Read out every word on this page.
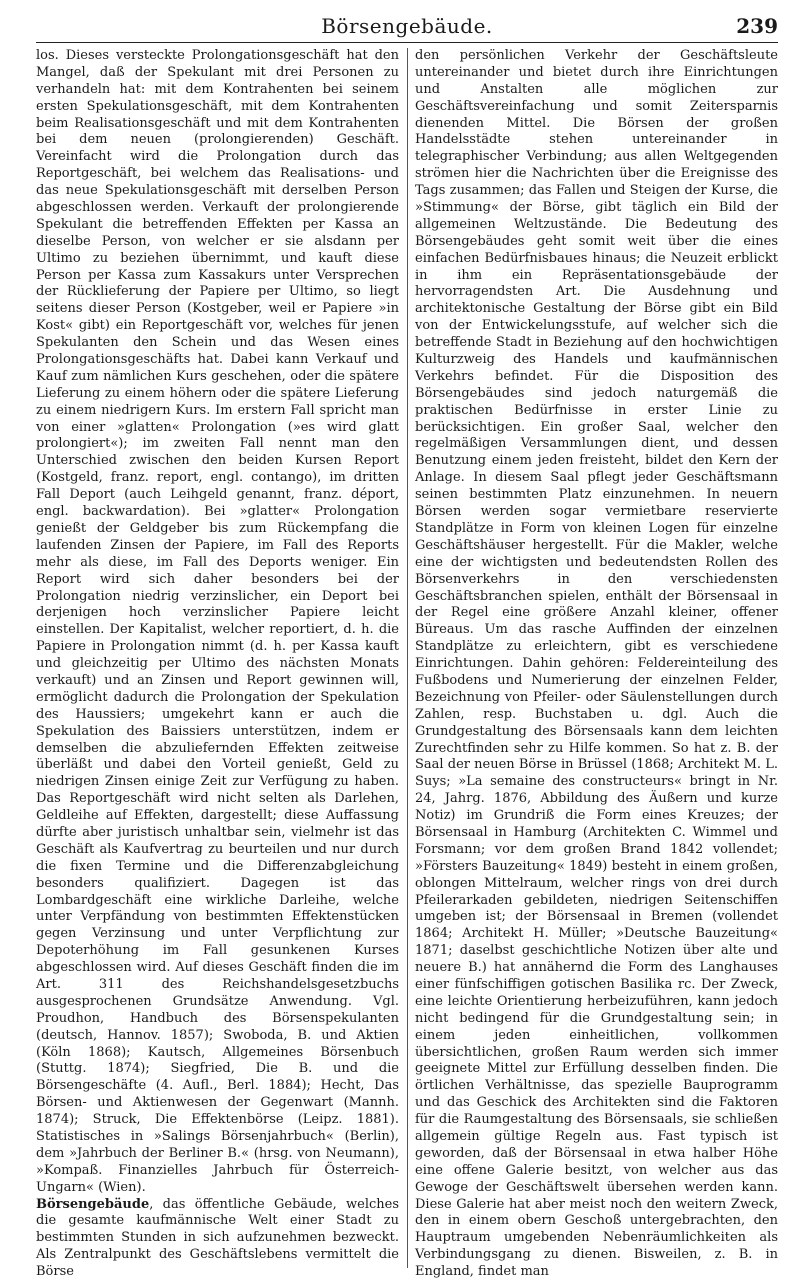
Börsengebäude.	239

los. Dieses versteckte Prolongationsgeschäft hat den Mangel, daß der Spekulant mit drei Personen zu verhandeln hat: mit dem Kontrahenten bei seinem ersten Spekulationsgeschäft, mit dem Kontrahenten beim Realisationsgeschäft und mit dem Kontrahenten bei dem neuen (prolongierenden) Geschäft. Vereinfacht wird die Prolongation durch das Reportgeschäft, bei welchem das Realisations- und das neue Spekulationsgeschäft mit derselben Person abgeschlossen werden. Verkauft der prolongierende Spekulant die betreffenden Effekten per Kassa an dieselbe Person, von welcher er sie alsdann per Ultimo zu beziehen übernimmt, und kauft diese Person per Kassa zum Kassakurs unter Versprechen der Rücklieferung der Papiere per Ultimo, so liegt seitens dieser Person (Kostgeber, weil er Papiere »in Kost« gibt) ein Reportgeschäft vor, welches für jenen Spekulanten den Schein und das Wesen eines Prolongationsgeschäfts hat. Dabei kann Verkauf und Kauf zum nämlichen Kurs geschehen, oder die spätere Lieferung zu einem höhern oder die spätere Lieferung zu einem niedrigern Kurs. Im erstern Fall spricht man von einer »glatten« Prolongation (»es wird glatt prolongiert«); im zweiten Fall nennt man den Unterschied zwischen den beiden Kursen Report (Kostgeld, franz. report, engl. contango), im dritten Fall Deport (auch Leihgeld genannt, franz. déport, engl. backwardation). Bei »glatter« Prolongation genießt der Geldgeber bis zum Rückempfang die laufenden Zinsen der Papiere, im Fall des Reports mehr als diese, im Fall des Deports weniger. Ein Report wird sich daher besonders bei der Prolongation niedrig verzinslicher, ein Deport bei derjenigen hoch verzinslicher Papiere leicht einstellen. Der Kapitalist, welcher reportiert, d. h. die Papiere in Prolongation nimmt (d. h. per Kassa kauft und gleichzeitig per Ultimo des nächsten Monats verkauft) und an Zinsen und Report gewinnen will, ermöglicht dadurch die Prolongation der Spekulation des Haussiers; umgekehrt kann er auch die Spekulation des Baissiers unterstützen, indem er demselben die abzuliefernden Effekten zeitweise überläßt und dabei den Vorteil genießt, Geld zu niedrigen Zinsen einige Zeit zur Verfügung zu haben. Das Reportgeschäft wird nicht selten als Darlehen, Geldleihe auf Effekten, dargestellt; diese Auffassung dürfte aber juristisch unhaltbar sein, vielmehr ist das Geschäft als Kaufvertrag zu beurteilen und nur durch die fixen Termine und die Differenzabgleichung besonders qualifiziert. Dagegen ist das Lombardgeschäft eine wirkliche Darleihe, welche unter Verpfändung von bestimmten Effektenstücken gegen Verzinsung und unter Verpflichtung zur Depoterhöhung im Fall gesunkenen Kurses abgeschlossen wird. Auf dieses Geschäft finden die im Art. 311 des Reichshandelsgesetzbuchs ausgesprochenen Grundsätze Anwendung. Vgl. Proudhon, Handbuch des Börsenspekulanten (deutsch, Hannov. 1857); Swoboda, B. und Aktien (Köln 1868); Kautsch, Allgemeines Börsenbuch (Stuttg. 1874); Siegfried, Die B. und die Börsengeschäfte (4. Aufl., Berl. 1884); Hecht, Das Börsen- und Aktienwesen der Gegenwart (Mannh. 1874); Struck, Die Effektenbörse (Leipz. 1881). Statistisches in »Salings Börsenjahrbuch« (Berlin), dem »Jahrbuch der Berliner B.« (hrsg. von Neumann), »Kompaß. Finanzielles Jahrbuch für Österreich-Ungarn« (Wien).

Börsengebäude, das öffentliche Gebäude, welches die gesamte kaufmännische Welt einer Stadt zu bestimmten Stunden in sich aufzunehmen bezweckt. Als Zentralpunkt des Geschäftslebens vermittelt die Börse

den persönlichen Verkehr der Geschäftsleute untereinander und bietet durch ihre Einrichtungen und Anstalten alle möglichen zur Geschäftsvereinfachung und somit Zeitersparnis dienenden Mittel. Die Börsen der großen Handelsstädte stehen untereinander in telegraphischer Verbindung; aus allen Weltgegenden strömen hier die Nachrichten über die Ereignisse des Tags zusammen; das Fallen und Steigen der Kurse, die »Stimmung« der Börse, gibt täglich ein Bild der allgemeinen Weltzustände. Die Bedeutung des Börsengebäudes geht somit weit über die eines einfachen Bedürfnisbaues hinaus; die Neuzeit erblickt in ihm ein Repräsentationsgebäude der hervorragendsten Art. Die Ausdehnung und architektonische Gestaltung der Börse gibt ein Bild von der Entwickelungsstufe, auf welcher sich die betreffende Stadt in Beziehung auf den hochwichtigen Kulturzweig des Handels und kaufmännischen Verkehrs befindet. Für die Disposition des Börsengebäudes sind jedoch naturgemäß die praktischen Bedürfnisse in erster Linie zu berücksichtigen. Ein großer Saal, welcher den regelmäßigen Versammlungen dient, und dessen Benutzung einem jeden freisteht, bildet den Kern der Anlage. In diesem Saal pflegt jeder Geschäftsmann seinen bestimmten Platz einzunehmen. In neuern Börsen werden sogar vermietbare reservierte Standplätze in Form von kleinen Logen für einzelne Geschäftshäuser hergestellt. Für die Makler, welche eine der wichtigsten und bedeutendsten Rollen des Börsenverkehrs in den verschiedensten Geschäftsbranchen spielen, enthält der Börsensaal in der Regel eine größere Anzahl kleiner, offener Büreaus. Um das rasche Auffinden der einzelnen Standplätze zu erleichtern, gibt es verschiedene Einrichtungen. Dahin gehören: Feldereinteilung des Fußbodens und Numerierung der einzelnen Felder, Bezeichnung von Pfeiler- oder Säulenstellungen durch Zahlen, resp. Buchstaben u. dgl. Auch die Grundgestaltung des Börsensaals kann dem leichten Zurechtfinden sehr zu Hilfe kommen. So hat z. B. der Saal der neuen Börse in Brüssel (1868; Architekt M. L. Suys; »La semaine des constructeurs« bringt in Nr. 24, Jahrg. 1876, Abbildung des Äußern und kurze Notiz) im Grundriß die Form eines Kreuzes; der Börsensaal in Hamburg (Architekten C. Wimmel und Forsmann; vor dem großen Brand 1842 vollendet; »Försters Bauzeitung« 1849) besteht in einem großen, oblongen Mittelraum, welcher rings von drei durch Pfeilerarkaden gebildeten, niedrigen Seitenschiffen umgeben ist; der Börsensaal in Bremen (vollendet 1864; Architekt H. Müller; »Deutsche Bauzeitung« 1871; daselbst geschichtliche Notizen über alte und neuere B.) hat annähernd die Form des Langhauses einer fünfschiffigen gotischen Basilika rc. Der Zweck, eine leichte Orientierung herbeizuführen, kann jedoch nicht bedingend für die Grundgestaltung sein; in einem jeden einheitlichen, vollkommen übersichtlichen, großen Raum werden sich immer geeignete Mittel zur Erfüllung desselben finden. Die örtlichen Verhältnisse, das spezielle Bauprogramm und das Geschick des Architekten sind die Faktoren für die Raumgestaltung des Börsensaals, sie schließen allgemein gültige Regeln aus. Fast typisch ist geworden, daß der Börsensaal in etwa halber Höhe eine offene Galerie besitzt, von welcher aus das Gewoge der Geschäftswelt übersehen werden kann. Diese Galerie hat aber meist noch den weitern Zweck, den in einem obern Geschoß untergebrachten, den Hauptraum umgebenden Nebenräumlichkeiten als Verbindungsgang zu dienen. Bisweilen, z. B. in England, findet man
